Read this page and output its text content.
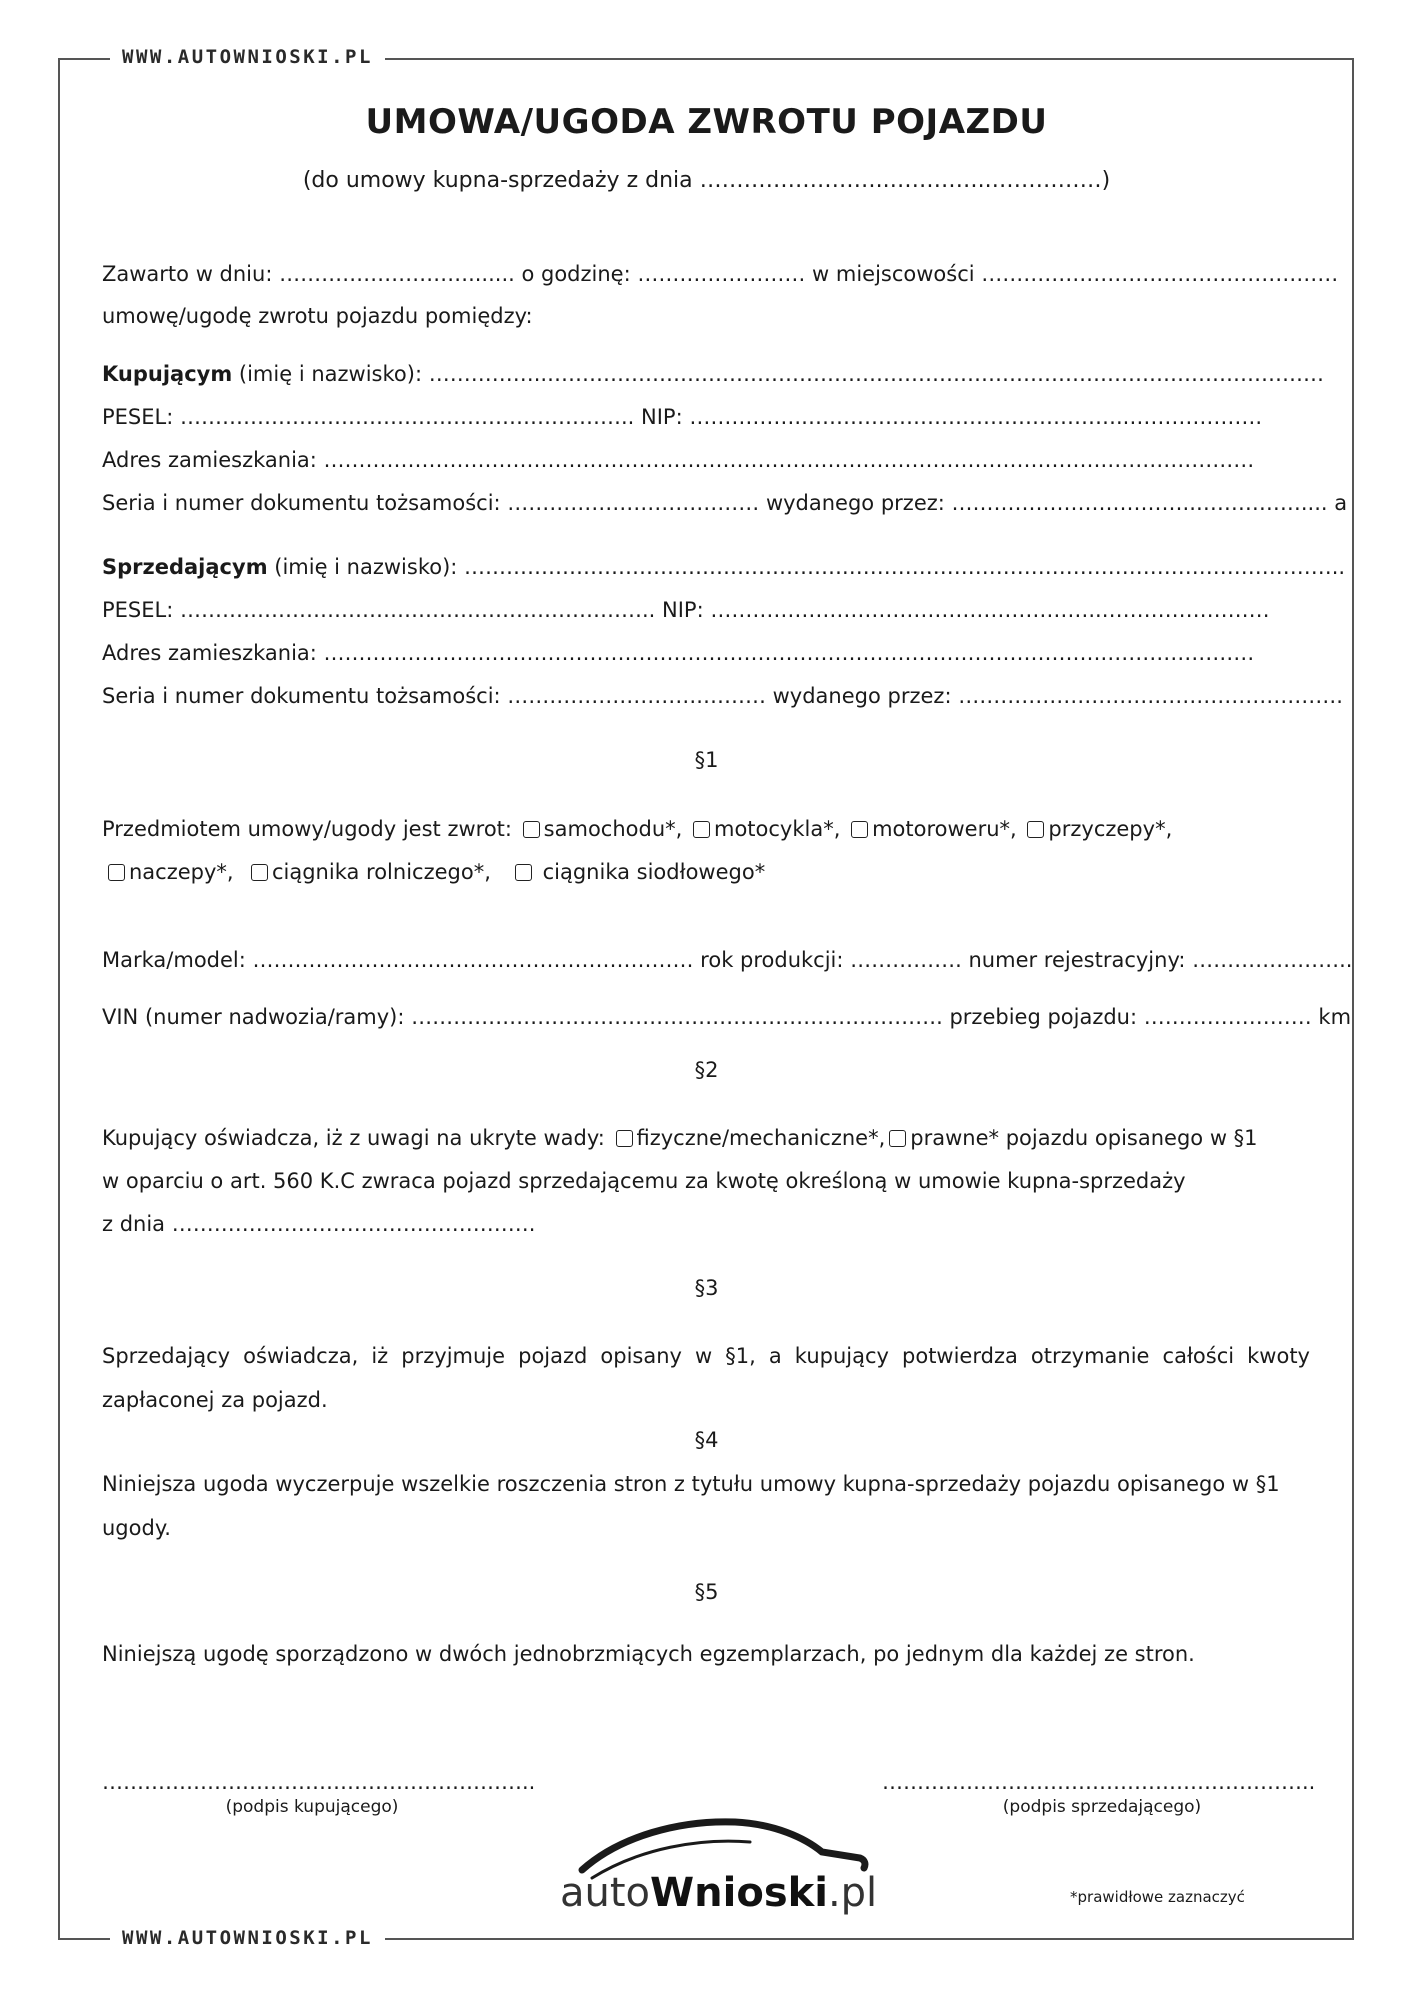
WWW.AUTOWNIOSKI.PL
UMOWA/UGODA ZWROTU POJAZDU
(do umowy kupna-sprzedaży z dnia ……………………..…………..……………)
Zawarto w dniu: ………………………....... o godzinę: …………………… w miejscowości ……………………………………………
umowę/ugodę zwrotu pojazdu pomiędzy:
Kupującym (imię i nazwisko): ……………..…………………………………………………………………………………………………
PESEL: ……………………………………………………….. NIP: …………….………………………………………..……………….
Adres zamieszkania: ………………………………………………………………………………………………….…………………
Seria i numer dokumentu tożsamości: ……………………………… wydanego przez: ……………………………..…………….... a
Sprzedającym (imię i nazwisko): ……………………………………………….……………………………………………………………..
PESEL: ………………………………………………………….. NIP: ………………………………………………..……………………
Adres zamieszkania: ………………………………………………………………………………………………….…………………
Seria i numer dokumentu tożsamości: ……………………….……… wydanego przez: ……………………………………………….
§1
Przedmiotem umowy/ugody jest zwrot: samochodu*, motocykla*, motoroweru*, przyczepy*,
naczepy*, ciągnika rolniczego*, ciągnika siodłowego*
Marka/model: ……………………………………………………… rok produkcji: ……………. numer rejestracyjny: …………………..
VIN (numer nadwozia/ramy): …………………………………………………………………. przebieg pojazdu: …………………… km
§2
Kupujący oświadcza, iż z uwagi na ukryte wady: fizyczne/mechaniczne*, prawne* pojazdu opisanego w §1
w oparciu o art. 560 K.C zwraca pojazd sprzedającemu za kwotę określoną w umowie kupna-sprzedaży
z dnia …………………………………………….
§3
Sprzedający oświadcza, iż przyjmuje pojazd opisany w §1, a kupujący potwierdza otrzymanie całości kwoty
zapłaconej za pojazd.
§4
Niniejsza ugoda wyczerpuje wszelkie roszczenia stron z tytułu umowy kupna-sprzedaży pojazdu opisanego w §1
ugody.
§5
Niniejszą ugodę sporządzono w dwóch jednobrzmiących egzemplarzach, po jednym dla każdej ze stron.
……………………………………………………..
(podpis kupującego)
……………………………………………………..
(podpis sprzedającego)
autoWnioski.pl	*prawidłowe zaznaczyć
WWW.AUTOWNIOSKI.PL
